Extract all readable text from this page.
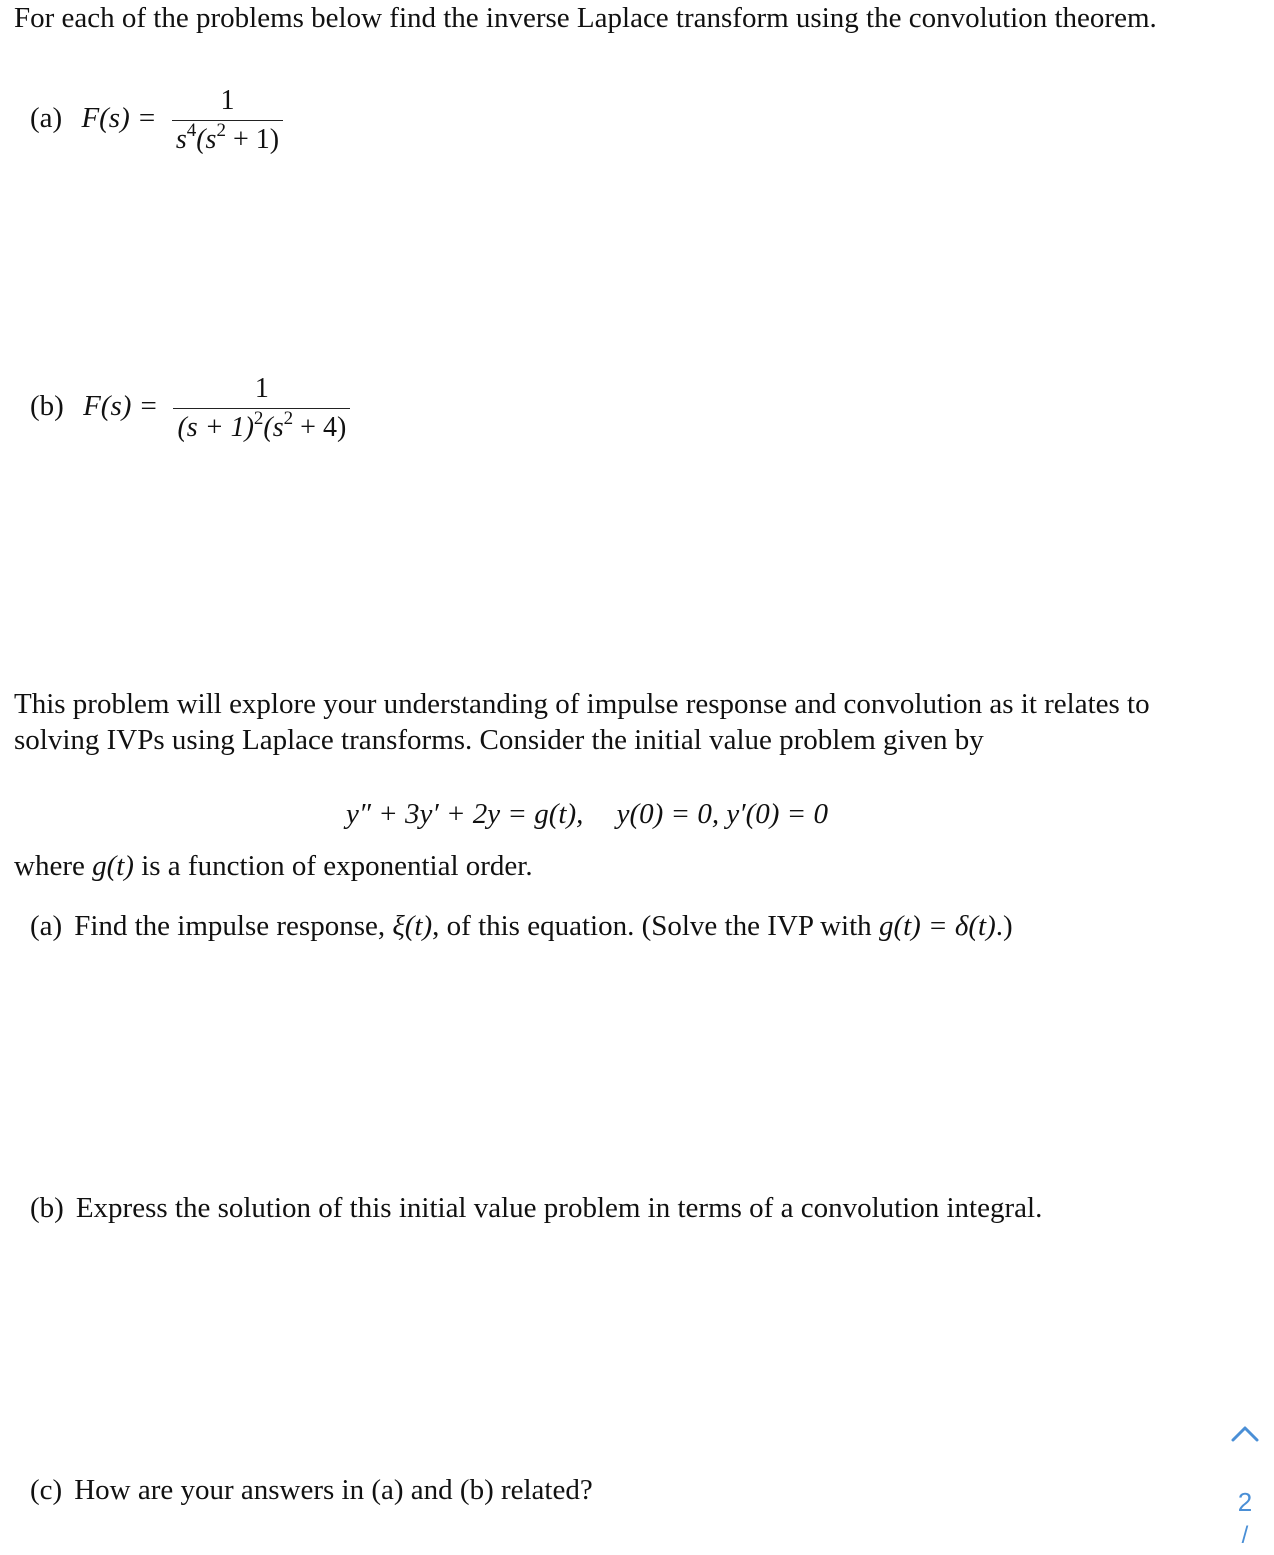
For each of the problems below find the inverse Laplace transform using the convolution theorem.

(a) $F(s) = \frac{1}{s^4(s^2 + 1)}$
(b) $F(s) = \frac{1}{(s + 1)^2(s^2 + 4)}$

This problem will explore your understanding of impulse response and convolution as it relates to solving IVPs using Laplace transforms. Consider the initial value problem given by

y″ + 3y′ + 2y = g(t), y(0) = 0, y′(0) = 0

where g(t) is a function of exponential order.

(a) Find the impulse response, ξ(t), of this equation. (Solve the IVP with g(t) = δ(t).)

(b) Express the solution of this initial value problem in terms of a convolution integral.

(c) How are your answers in (a) and (b) related?	2
/
